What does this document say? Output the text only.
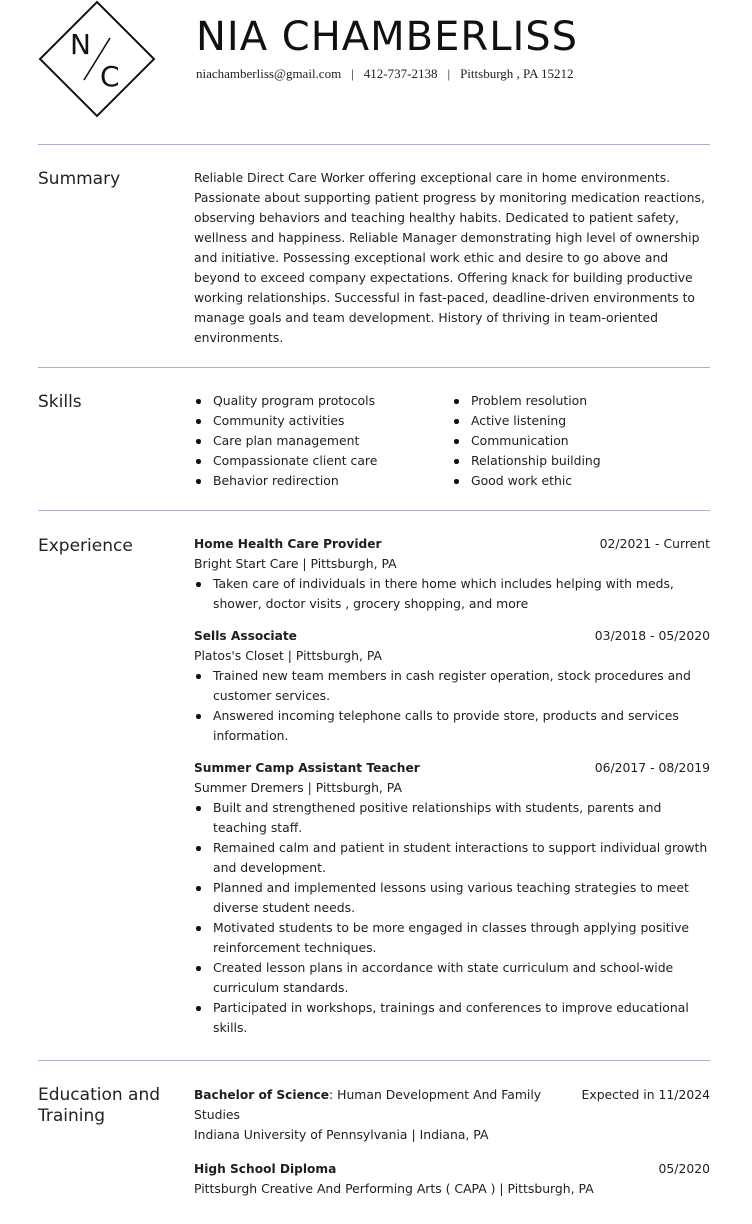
N
C
NIA CHAMBERLISS
niachamberliss@gmail.com | 412-737-2138 | Pittsburgh , PA 15212
Summary	Reliable Direct Care Worker offering exceptional care in home environments. Passionate about supporting patient progress by monitoring medication reactions, observing behaviors and teaching healthy habits. Dedicated to patient safety, wellness and happiness. Reliable Manager demonstrating high level of ownership and initiative. Possessing exceptional work ethic and desire to go above and beyond to exceed company expectations. Offering knack for building productive working relationships. Successful in fast-paced, deadline-driven environments to manage goals and team development. History of thriving in team-oriented environments.

Skills	Quality program protocols
Community activities
Care plan management
Compassionate client care
Behavior redirection
Problem resolution
Active listening
Communication
Relationship building
Good work ethic
Experience	Home Health Care Provider	02/2021 - Current
Bright Start Care | Pittsburgh, PA
Taken care of individuals in there home which includes helping with meds, shower, doctor visits , grocery shopping, and more
Sells Associate	03/2018 - 05/2020
Platos's Closet | Pittsburgh, PA
Trained new team members in cash register operation, stock procedures and customer services.
Answered incoming telephone calls to provide store, products and services information.
Summer Camp Assistant Teacher	06/2017 - 08/2019
Summer Dremers | Pittsburgh, PA
Built and strengthened positive relationships with students, parents and teaching staff.
Remained calm and patient in student interactions to support individual growth and development.
Planned and implemented lessons using various teaching strategies to meet diverse student needs.
Motivated students to be more engaged in classes through applying positive reinforcement techniques.
Created lesson plans in accordance with state curriculum and school-wide curriculum standards.
Participated in workshops, trainings and conferences to improve educational skills.
Education and Training
Bachelor of Science: Human Development And Family Studies
Expected in 11/2024
Indiana University of Pennsylvania | Indiana, PA
High School Diploma	05/2020
Pittsburgh Creative And Performing Arts ( CAPA ) | Pittsburgh, PA
